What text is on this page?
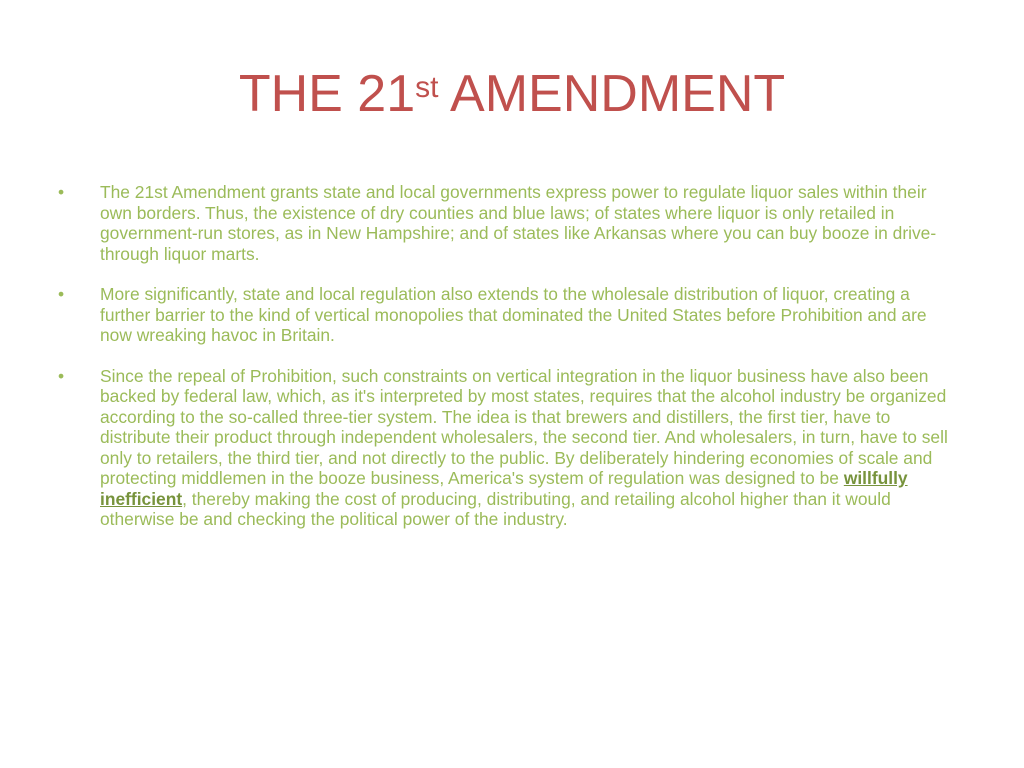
THE 21st AMENDMENT
•	The 21st Amendment grants state and local governments express power to regulate liquor sales within their own borders. Thus, the existence of dry counties and blue laws; of states where liquor is only retailed in government-run stores, as in New Hampshire; and of states like Arkansas where you can buy booze in drive-through liquor marts.
•	More significantly, state and local regulation also extends to the wholesale distribution of liquor, creating a further barrier to the kind of vertical monopolies that dominated the United States before Prohibition and are now wreaking havoc in Britain.
•	Since the repeal of Prohibition, such constraints on vertical integration in the liquor business have also been backed by federal law, which, as it's interpreted by most states, requires that the alcohol industry be organized according to the so-called three-tier system. The idea is that brewers and distillers, the first tier, have to distribute their product through independent wholesalers, the second tier. And wholesalers, in turn, have to sell only to retailers, the third tier, and not directly to the public. By deliberately hindering economies of scale and protecting middlemen in the booze business, America's system of regulation was designed to be willfully inefficient, thereby making the cost of producing, distributing, and retailing alcohol higher than it would otherwise be and checking the political power of the industry.
